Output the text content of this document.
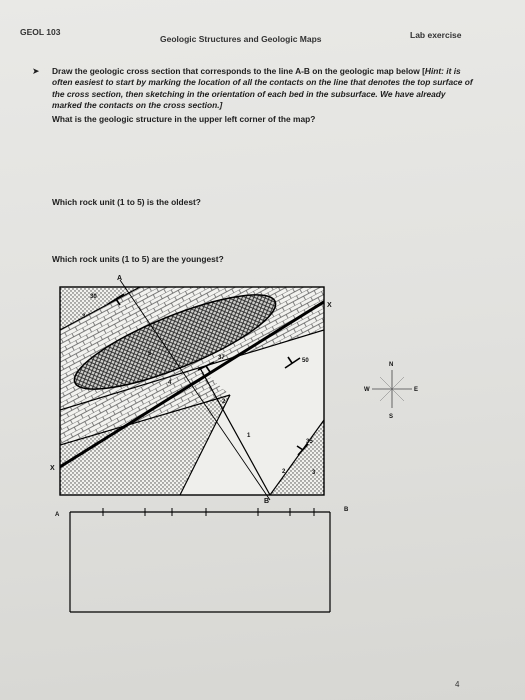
GEOL 103
Geologic Structures and Geologic Maps	Lab exercise
➤ Draw the geologic cross section that corresponds to the line A-B on the geologic map below [Hint: it is often easiest to start by marking the location of all the contacts on the line that denotes the top surface of the cross section, then sketching in the orientation of each bed in the subsurface. We have already marked the contacts on the cross section.]
What is the geologic structure in the upper left corner of the map?
Which rock unit (1 to 5) is the oldest?
Which rock units (1 to 5) are the youngest?
A
B
X
X
3
5
4
2
1
2	3
30
37	50
35
N
S
E
W
A
B
4
